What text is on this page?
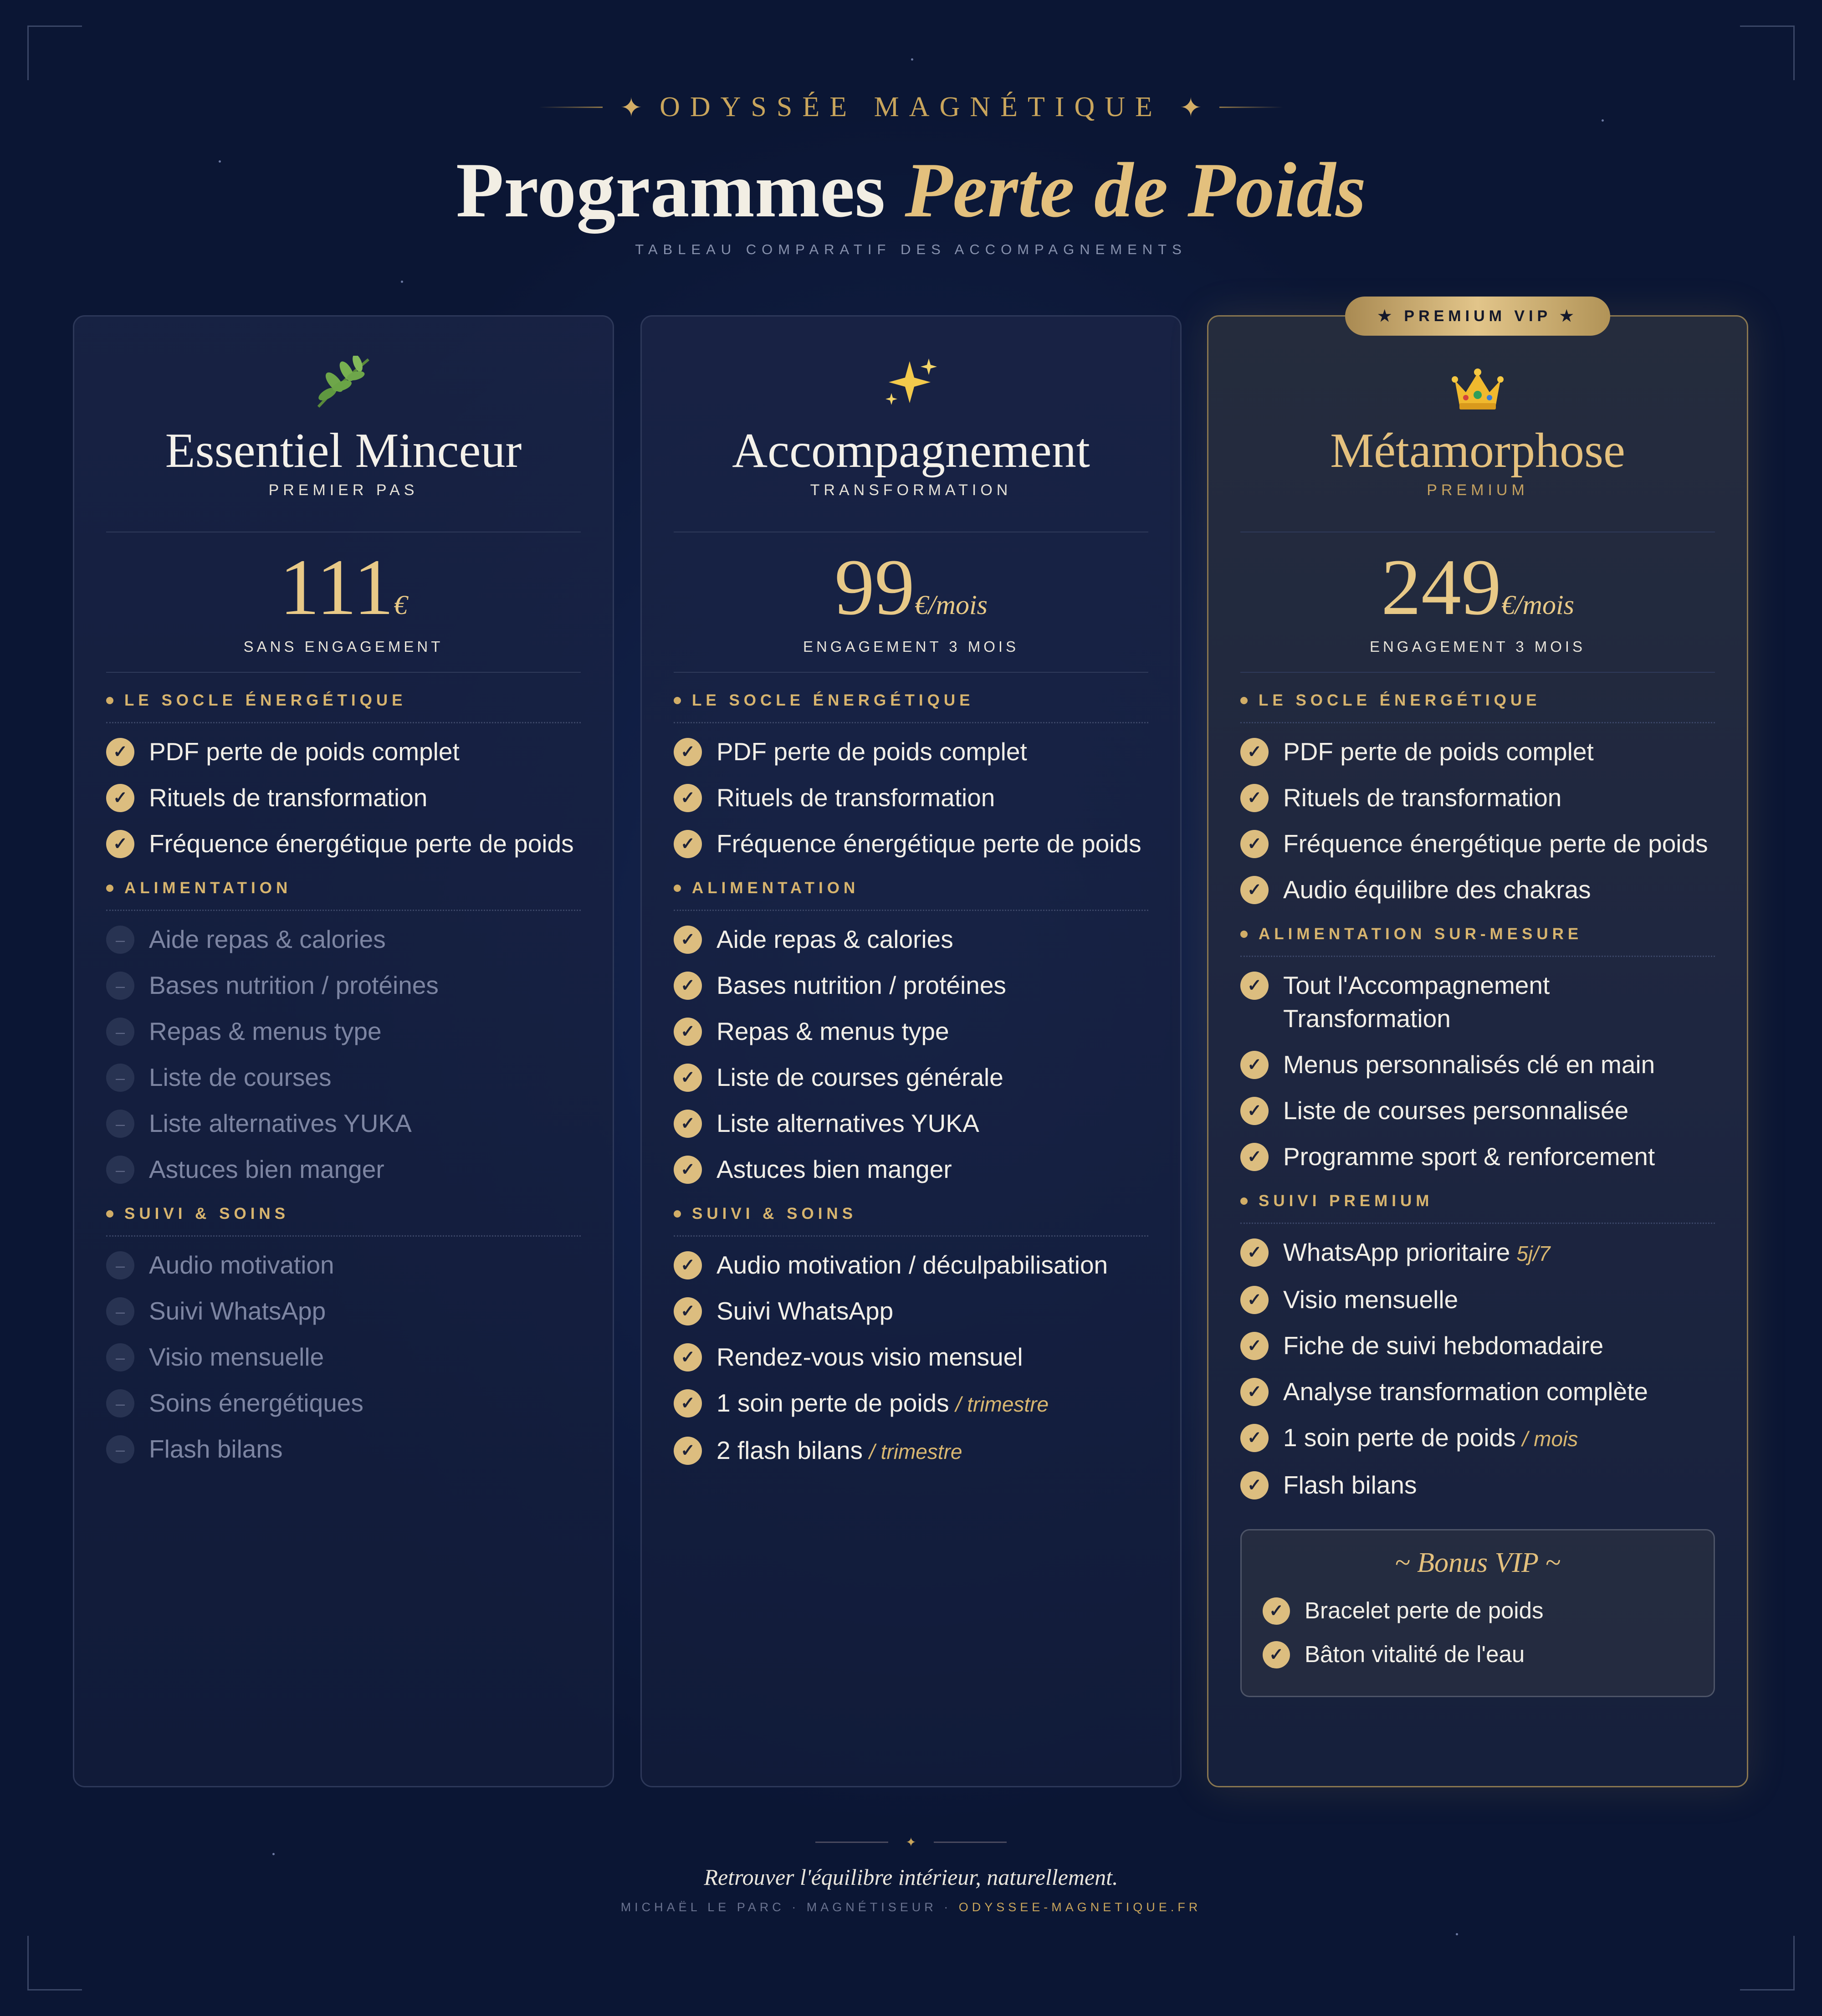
✦ ODYSSÉE MAGNÉTIQUE ✦
Programmes Perte de Poids
TABLEAU COMPARATIF DES ACCOMPAGNEMENTS
Essentiel Minceur
PREMIER PAS
111€
SANS ENGAGEMENT
LE SOCLE ÉNERGÉTIQUE
✓ PDF perte de poids complet
✓ Rituels de transformation
✓ Fréquence énergétique perte de poids
ALIMENTATION
– Aide repas & calories
– Bases nutrition / protéines
– Repas & menus type
– Liste de courses
– Liste alternatives YUKA
– Astuces bien manger
SUIVI & SOINS
– Audio motivation
– Suivi WhatsApp
– Visio mensuelle
– Soins énergétiques
– Flash bilans
Accompagnement
TRANSFORMATION
99€/mois
ENGAGEMENT 3 MOIS
LE SOCLE ÉNERGÉTIQUE
✓ PDF perte de poids complet
✓ Rituels de transformation
✓ Fréquence énergétique perte de poids
ALIMENTATION
✓ Aide repas & calories
✓ Bases nutrition / protéines
✓ Repas & menus type
✓ Liste de courses générale
✓ Liste alternatives YUKA
✓ Astuces bien manger
SUIVI & SOINS
✓ Audio motivation / déculpabilisation
✓ Suivi WhatsApp
✓ Rendez-vous visio mensuel
✓ 1 soin perte de poids / trimestre
✓ 2 flash bilans / trimestre
★ PREMIUM VIP ★
Métamorphose
PREMIUM
249€/mois
ENGAGEMENT 3 MOIS
LE SOCLE ÉNERGÉTIQUE
✓ PDF perte de poids complet
✓ Rituels de transformation
✓ Fréquence énergétique perte de poids
✓ Audio équilibre des chakras
ALIMENTATION SUR-MESURE
✓ Tout l'Accompagnement Transformation
✓ Menus personnalisés clé en main
✓ Liste de courses personnalisée
✓ Programme sport & renforcement
SUIVI PREMIUM
✓ WhatsApp prioritaire 5j/7
✓ Visio mensuelle
✓ Fiche de suivi hebdomadaire
✓ Analyse transformation complète
✓ 1 soin perte de poids / mois
✓ Flash bilans
~ Bonus VIP ~
✓ Bracelet perte de poids
✓ Bâton vitalité de l'eau
✦
Retrouver l'équilibre intérieur, naturellement.
MICHAËL LE PARC · MAGNÉTISEUR · ODYSSEE-MAGNETIQUE.FR
